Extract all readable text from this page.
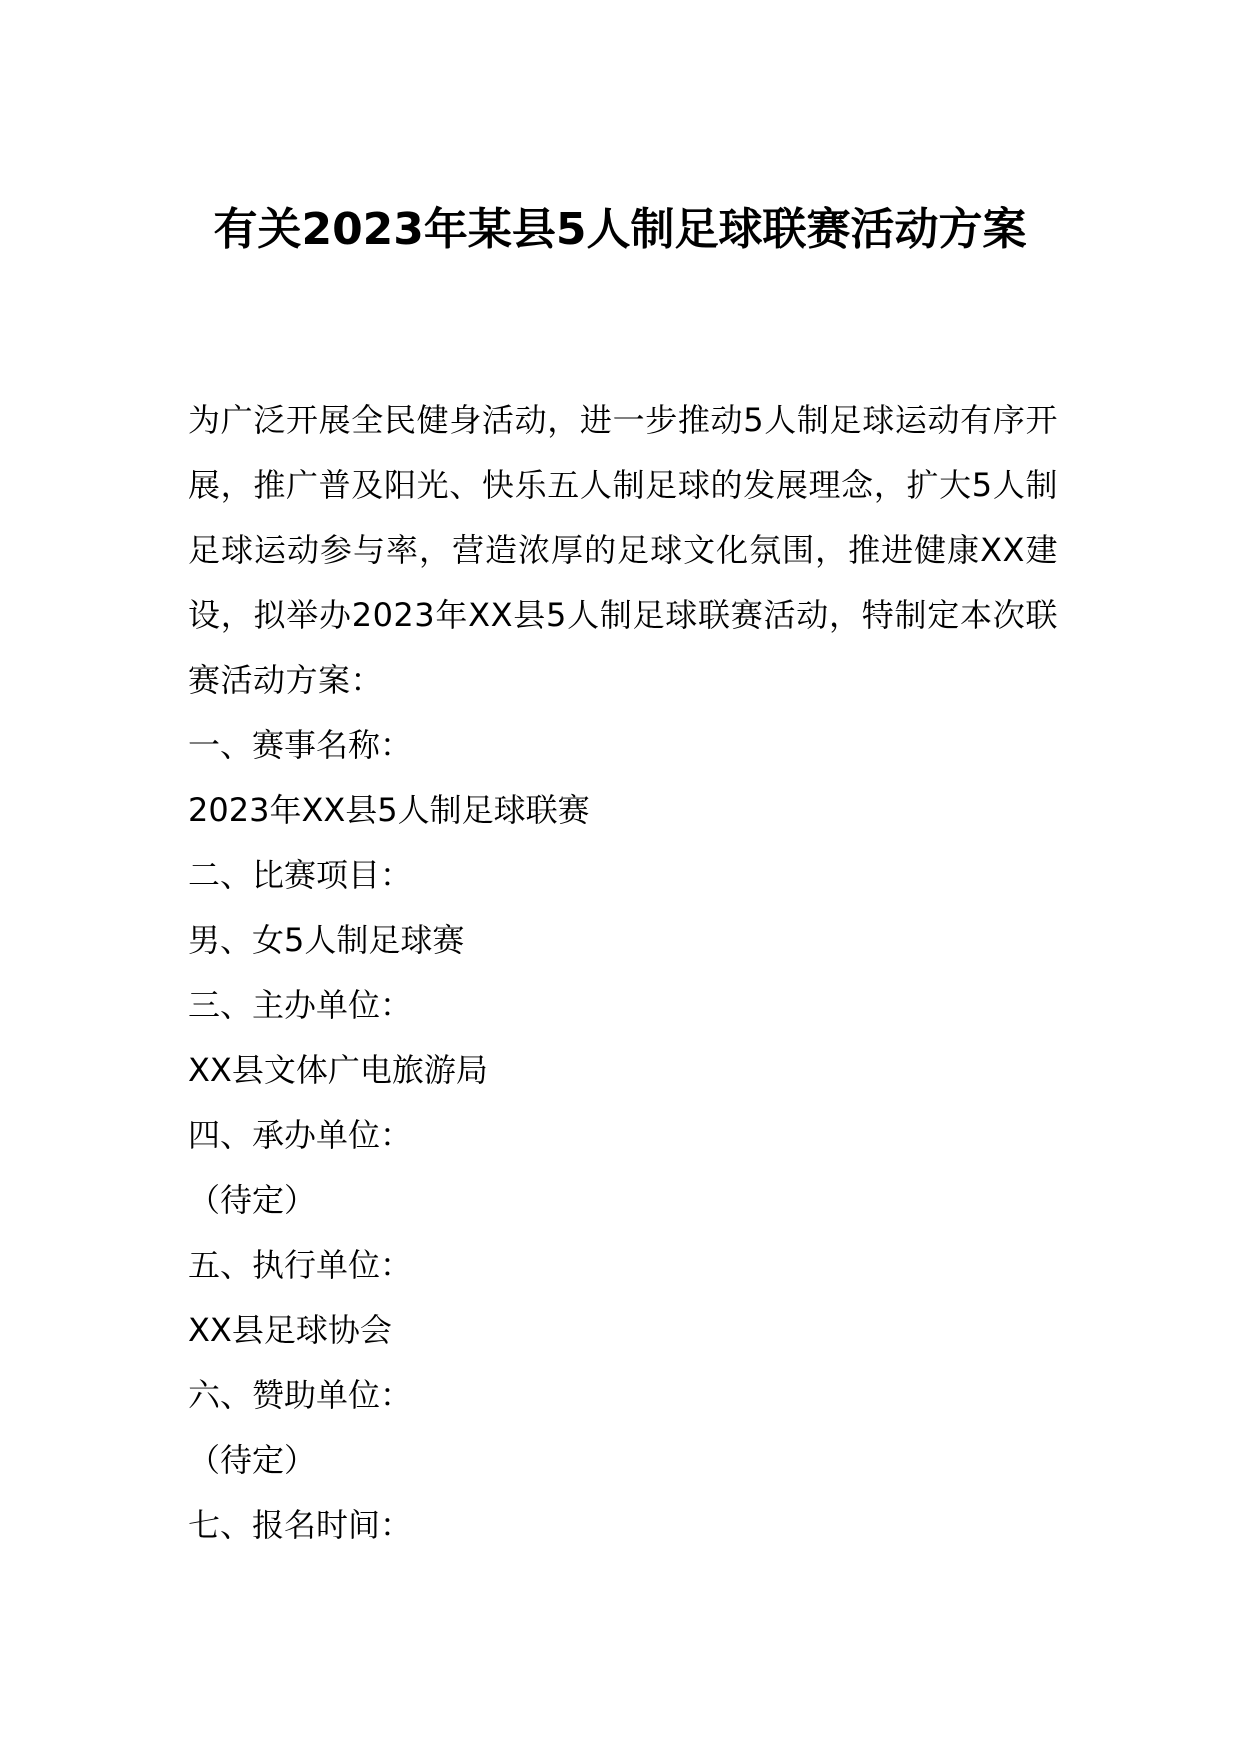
有关2023年某县5人制足球联赛活动方案

为广泛开展全民健身活动，进一步推动5人制足球运动有序开展，推广普及阳光、快乐五人制足球的发展理念，扩大5人制足球运动参与率，营造浓厚的足球文化氛围，推进健康XX建设，拟举办2023年XX县5人制足球联赛活动，特制定本次联赛活动方案：

一、赛事名称：

2023年XX县5人制足球联赛

二、比赛项目：

男、女5人制足球赛

三、主办单位：

XX县文体广电旅游局

四、承办单位：

（待定）

五、执行单位：

XX县足球协会

六、赞助单位：

（待定）

七、报名时间：
